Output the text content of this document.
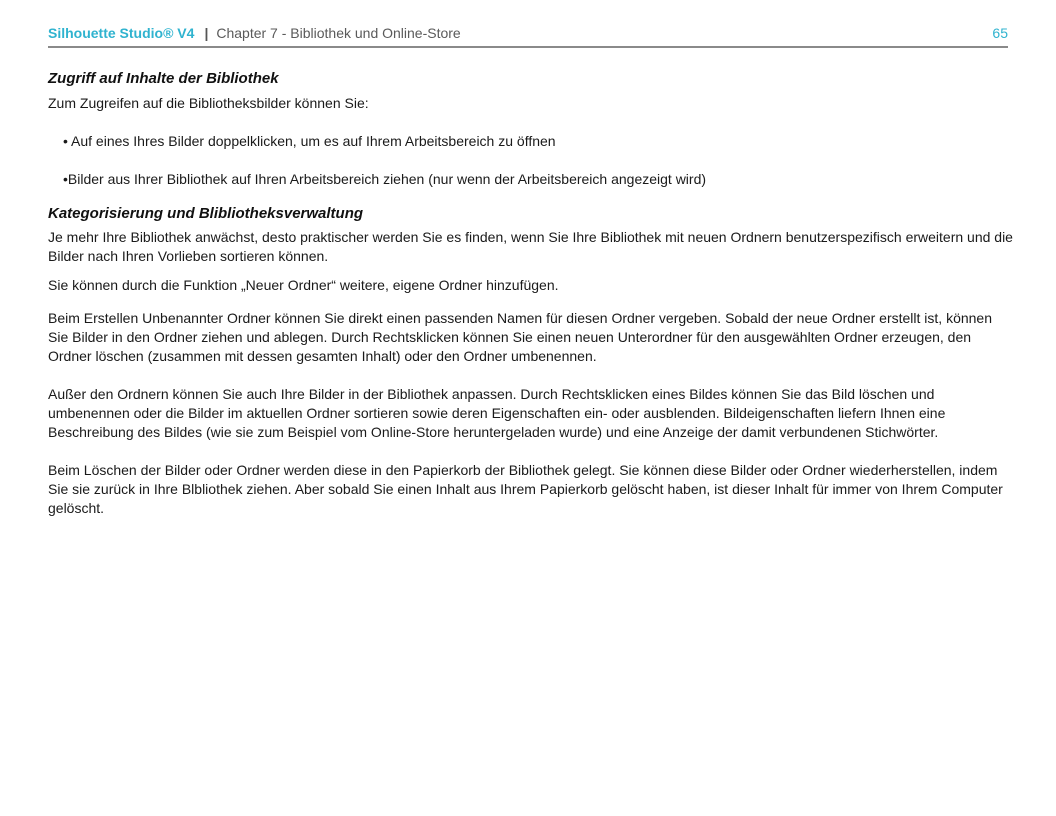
Silhouette Studio® V4 | Chapter 7 - Bibliothek und Online-Store	65
Zugriff auf Inhalte der Bibliothek

Zum Zugreifen auf die Bibliotheksbilder können Sie:

• Auf eines Ihres Bilder doppelklicken, um es auf Ihrem Arbeitsbereich zu öffnen

•Bilder aus Ihrer Bibliothek auf Ihren Arbeitsbereich ziehen (nur wenn der Arbeitsbereich angezeigt wird)

Kategorisierung und Blibliotheksverwaltung

Je mehr Ihre Bibliothek anwächst, desto praktischer werden Sie es finden, wenn Sie Ihre Bibliothek mit neuen Ordnern benutzerspezifisch erweitern und die Bilder nach Ihren Vorlieben sortieren können.

Sie können durch die Funktion „Neuer Ordner“ weitere, eigene Ordner hinzufügen.

Beim Erstellen Unbenannter Ordner können Sie direkt einen passenden Namen für diesen Ordner vergeben. Sobald der neue Ordner erstellt ist, können Sie Bilder in den Ordner ziehen und ablegen. Durch Rechtsklicken können Sie einen neuen Unterordner für den ausgewählten Ordner erzeugen, den Ordner löschen (zusammen mit dessen gesamten Inhalt) oder den Ordner umbenennen.

Außer den Ordnern können Sie auch Ihre Bilder in der Bibliothek anpassen. Durch Rechtsklicken eines Bildes können Sie das Bild löschen und umbenennen oder die Bilder im aktuellen Ordner sortieren sowie deren Eigenschaften ein- oder ausblenden. Bildeigenschaften liefern Ihnen eine Beschreibung des Bildes (wie sie zum Beispiel vom Online-Store heruntergeladen wurde) und eine Anzeige der damit verbundenen Stichwörter.

Beim Löschen der Bilder oder Ordner werden diese in den Papierkorb der Bibliothek gelegt. Sie können diese Bilder oder Ordner wiederherstellen, indem Sie sie zurück in Ihre Blbliothek ziehen. Aber sobald Sie einen Inhalt aus Ihrem Papierkorb gelöscht haben, ist dieser Inhalt für immer von Ihrem Computer gelöscht.
